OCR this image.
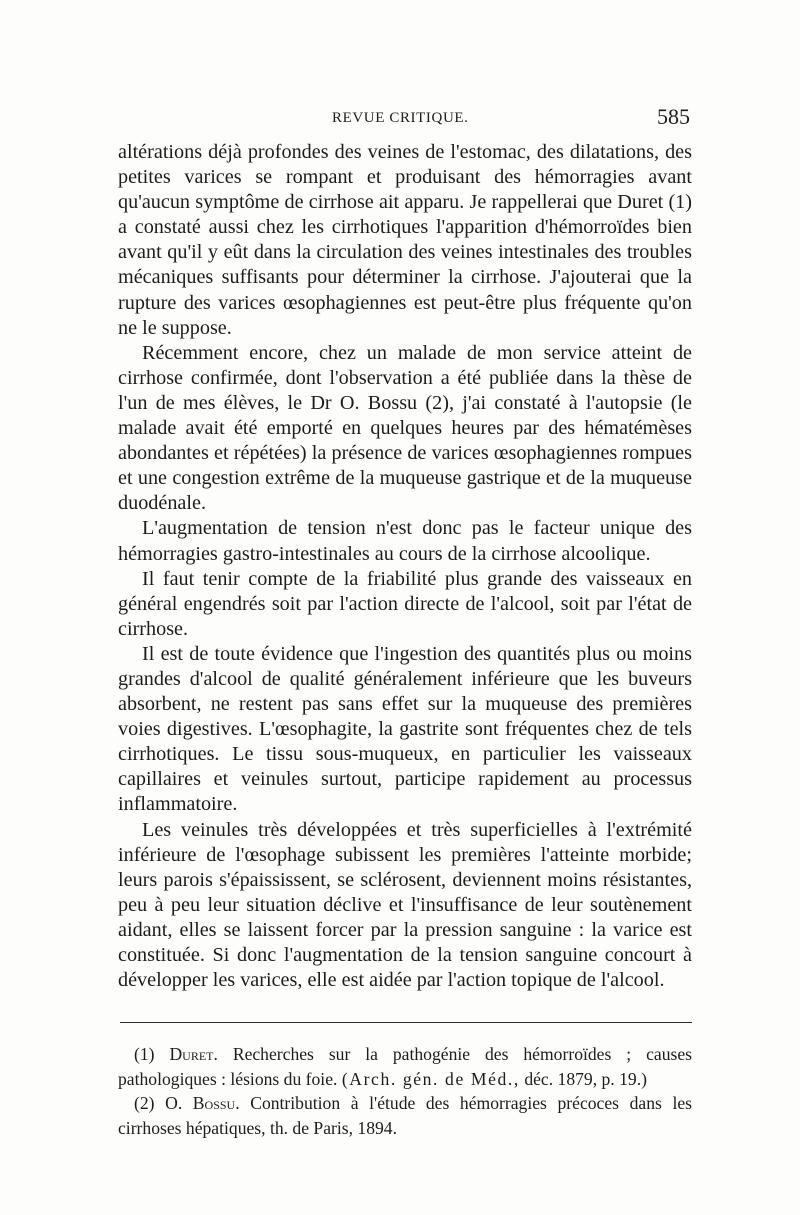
REVUE CRITIQUE.	585

altérations déjà profondes des veines de l'estomac, des dilatations, des petites varices se rompant et produisant des hémorragies avant qu'aucun symptôme de cirrhose ait apparu. Je rappellerai que Duret (1) a constaté aussi chez les cirrhotiques l'apparition d'hémorroïdes bien avant qu'il y eût dans la circulation des veines intestinales des troubles mécaniques suffisants pour déterminer la cirrhose. J'ajouterai que la rupture des varices œsophagiennes est peut-être plus fréquente qu'on ne le suppose.

Récemment encore, chez un malade de mon service atteint de cirrhose confirmée, dont l'observation a été publiée dans la thèse de l'un de mes élèves, le Dr O. Bossu (2), j'ai constaté à l'autopsie (le malade avait été emporté en quelques heures par des hématémèses abondantes et répétées) la présence de varices œsophagiennes rompues et une congestion extrême de la muqueuse gastrique et de la muqueuse duodénale.

L'augmentation de tension n'est donc pas le facteur unique des hémorragies gastro-intestinales au cours de la cirrhose alcoolique.

Il faut tenir compte de la friabilité plus grande des vaisseaux en général engendrés soit par l'action directe de l'alcool, soit par l'état de cirrhose.

Il est de toute évidence que l'ingestion des quantités plus ou moins grandes d'alcool de qualité généralement inférieure que les buveurs absorbent, ne restent pas sans effet sur la muqueuse des premières voies digestives. L'œsophagite, la gastrite sont fréquentes chez de tels cirrhotiques. Le tissu sous-muqueux, en particulier les vaisseaux capillaires et veinules surtout, participe rapidement au processus inflammatoire.

Les veinules très développées et très superficielles à l'extrémité inférieure de l'œsophage subissent les premières l'atteinte morbide; leurs parois s'épaississent, se sclérosent, deviennent moins résistantes, peu à peu leur situation déclive et l'insuffisance de leur soutènement aidant, elles se laissent forcer par la pression sanguine : la varice est constituée. Si donc l'augmentation de la tension sanguine concourt à développer les varices, elle est aidée par l'action topique de l'alcool.

(1) Duret. Recherches sur la pathogénie des hémorroïdes ; causes pathologiques : lésions du foie. (Arch. gén. de Méd., déc. 1879, p. 19.)

(2) O. Bossu. Contribution à l'étude des hémorragies précoces dans les cirrhoses hépatiques, th. de Paris, 1894.
